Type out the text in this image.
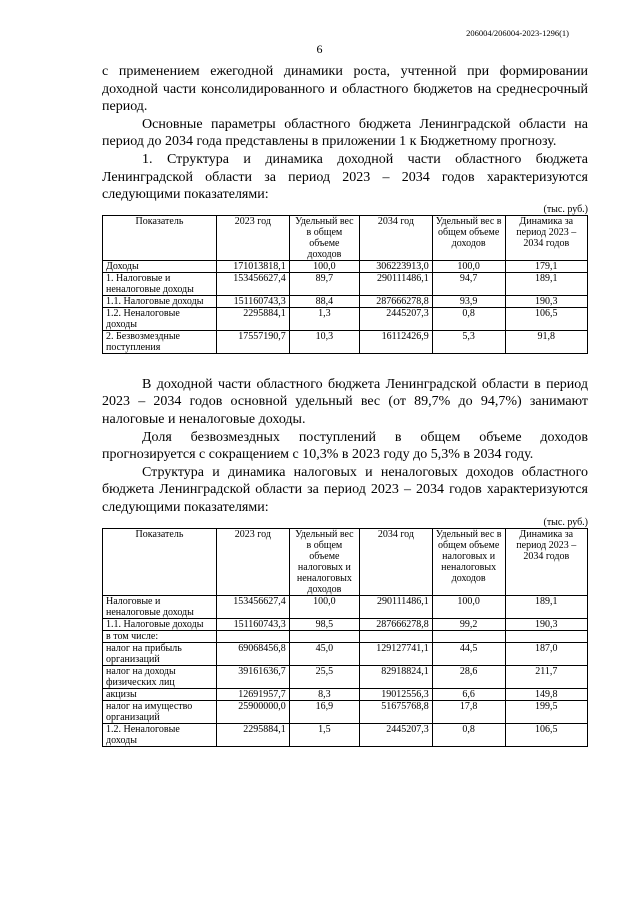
206004/206004-2023-1296(1)
6

с применением ежегодной динамики роста, учтенной при формировании доходной части консолидированного и областного бюджетов на среднесрочный период.

Основные параметры областного бюджета Ленинградской области на период до 2034 года представлены в приложении 1 к Бюджетному прогнозу.

1. Структура и динамика доходной части областного бюджета Ленинградской области за период 2023 – 2034 годов характеризуются следующими показателями:

(тыс. руб.)
Показатель	2023 год	Удельный вес в общем объеме доходов	2034 год	Удельный вес в общем объеме доходов	Динамика за период 2023 – 2034 годов
Доходы	171013818,1	100,0	306223913,0	100,0	179,1
1. Налоговые и неналоговые доходы	153456627,4	89,7	290111486,1	94,7	189,1
1.1. Налоговые доходы	151160743,3	88,4	287666278,8	93,9	190,3
1.2. Неналоговые доходы	2295884,1	1,3	2445207,3	0,8	106,5
2. Безвозмездные поступления	17557190,7	10,3	16112426,9	5,3	91,8

В доходной части областного бюджета Ленинградской области в период 2023 – 2034 годов основной удельный вес (от 89,7% до 94,7%) занимают налоговые и неналоговые доходы.

Доля безвозмездных поступлений в общем объеме доходов прогнозируется с сокращением с 10,3% в 2023 году до 5,3% в 2034 году.

Структура и динамика налоговых и неналоговых доходов областного бюджета Ленинградской области за период 2023 – 2034 годов характеризуются следующими показателями:

(тыс. руб.)
Показатель	2023 год	Удельный вес в общем объеме налоговых и неналоговых доходов	2034 год	Удельный вес в общем объеме налоговых и неналоговых доходов	Динамика за период 2023 – 2034 годов
Налоговые и неналоговые доходы	153456627,4	100,0	290111486,1	100,0	189,1
1.1. Налоговые доходы	151160743,3	98,5	287666278,8	99,2	190,3
в том числе:					
налог на прибыль организаций	69068456,8	45,0	129127741,1	44,5	187,0
налог на доходы физических лиц	39161636,7	25,5	82918824,1	28,6	211,7
акцизы	12691957,7	8,3	19012556,3	6,6	149,8
налог на имущество организаций	25900000,0	16,9	51675768,8	17,8	199,5
1.2. Неналоговые доходы	2295884,1	1,5	2445207,3	0,8	106,5
